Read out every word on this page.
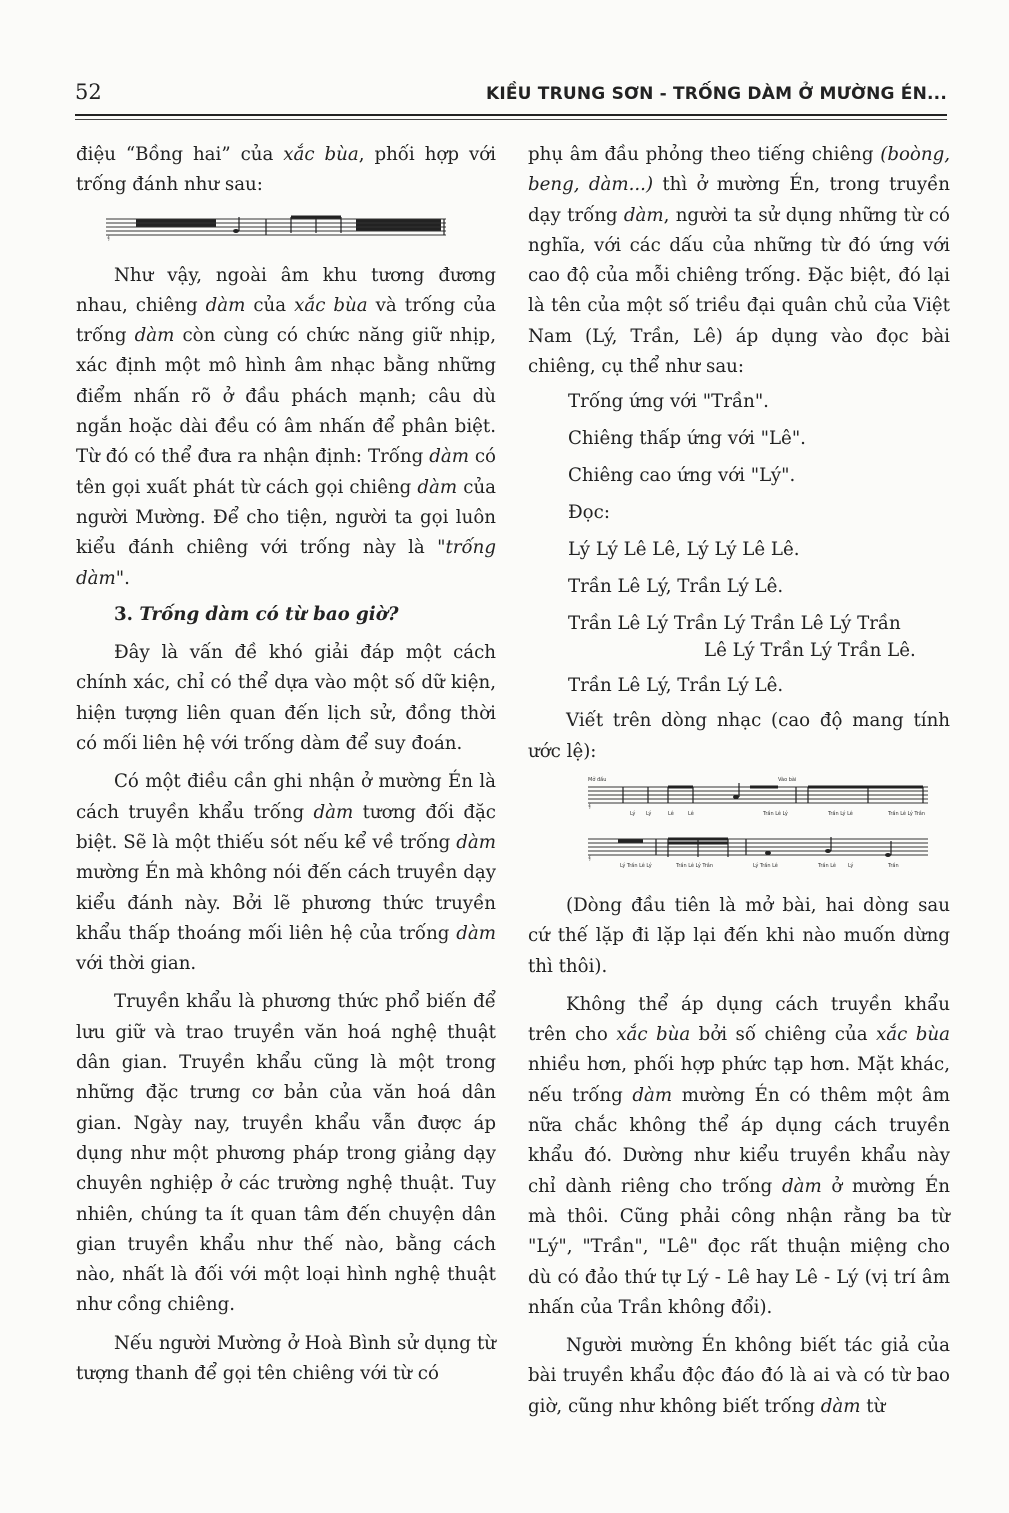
52	KIỀU TRUNG SƠN - TRỐNG DÀM Ở MƯỜNG ÉN...

điệu “Bồng hai” của xắc bùa, phối hợp với trống đánh như sau:

𝄞

Như vậy, ngoài âm khu tương đương nhau, chiêng dàm của xắc bùa và trống của trống dàm còn cùng có chức năng giữ nhịp, xác định một mô hình âm nhạc bằng những điểm nhấn rõ ở đầu phách mạnh; câu dù ngắn hoặc dài đều có âm nhấn để phân biệt. Từ đó có thể đưa ra nhận định: Trống dàm có tên gọi xuất phát từ cách gọi chiêng dàm của người Mường. Để cho tiện, người ta gọi luôn kiểu đánh chiêng với trống này là "trống dàm".

3. Trống dàm có từ bao giờ?

Đây là vấn đề khó giải đáp một cách chính xác, chỉ có thể dựa vào một số dữ kiện, hiện tượng liên quan đến lịch sử, đồng thời có mối liên hệ với trống dàm để suy đoán.

Có một điều cần ghi nhận ở mường Én là cách truyền khẩu trống dàm tương đối đặc biệt. Sẽ là một thiếu sót nếu kể về trống dàm mường Én mà không nói đến cách truyền dạy kiểu đánh này. Bởi lẽ phương thức truyền khẩu thấp thoáng mối liên hệ của trống dàm với thời gian.

Truyền khẩu là phương thức phổ biến để lưu giữ và trao truyền văn hoá nghệ thuật dân gian. Truyền khẩu cũng là một trong những đặc trưng cơ bản của văn hoá dân gian. Ngày nay, truyền khẩu vẫn được áp dụng như một phương pháp trong giảng dạy chuyên nghiệp ở các trường nghệ thuật. Tuy nhiên, chúng ta ít quan tâm đến chuyện dân gian truyền khẩu như thế nào, bằng cách nào, nhất là đối với một loại hình nghệ thuật như cồng chiêng.

Nếu người Mường ở Hoà Bình sử dụng từ tượng thanh để gọi tên chiêng với từ có

phụ âm đầu phỏng theo tiếng chiêng (boòng, beng, dàm...) thì ở mường Én, trong truyền dạy trống dàm, người ta sử dụng những từ có nghĩa, với các dấu của những từ đó ứng với cao độ của mỗi chiêng trống. Đặc biệt, đó lại là tên của một số triều đại quân chủ của Việt Nam (Lý, Trần, Lê) áp dụng vào đọc bài chiêng, cụ thể như sau:

Trống ứng với "Trần".

Chiêng thấp ứng với "Lê".

Chiêng cao ứng với "Lý".

Đọc:

Lý Lý Lê Lê, Lý Lý Lê Lê.

Trần Lê Lý, Trần Lý Lê.

Trần Lê Lý Trần Lý Trần Lê Lý Trần

Lê Lý Trần Lý Trần Lê.

Trần Lê Lý, Trần Lý Lê.

Viết trên dòng nhạc (cao độ mang tính ước lệ):

Mở đầu	Vào bài
𝄞
Lý Lý	Lê	Lê	Trần Lê Lý	Trần Lý Lê	Trần Lê Lý Trần
𝄞
Lý Trần Lê Lý	Trần Lê Lý Trần	Lý Trần Lê	Trần Lê Lý	Trần

(Dòng đầu tiên là mở bài, hai dòng sau cứ thế lặp đi lặp lại đến khi nào muốn dừng thì thôi).

Không thể áp dụng cách truyền khẩu trên cho xắc bùa bởi số chiêng của xắc bùa nhiều hơn, phối hợp phức tạp hơn. Mặt khác, nếu trống dàm mường Én có thêm một âm nữa chắc không thể áp dụng cách truyền khẩu đó. Dường như kiểu truyền khẩu này chỉ dành riêng cho trống dàm ở mường Én mà thôi. Cũng phải công nhận rằng ba từ "Lý", "Trần", "Lê" đọc rất thuận miệng cho dù có đảo thứ tự Lý - Lê hay Lê - Lý (vị trí âm nhấn của Trần không đổi).

Người mường Én không biết tác giả của bài truyền khẩu độc đáo đó là ai và có từ bao giờ, cũng như không biết trống dàm từ
